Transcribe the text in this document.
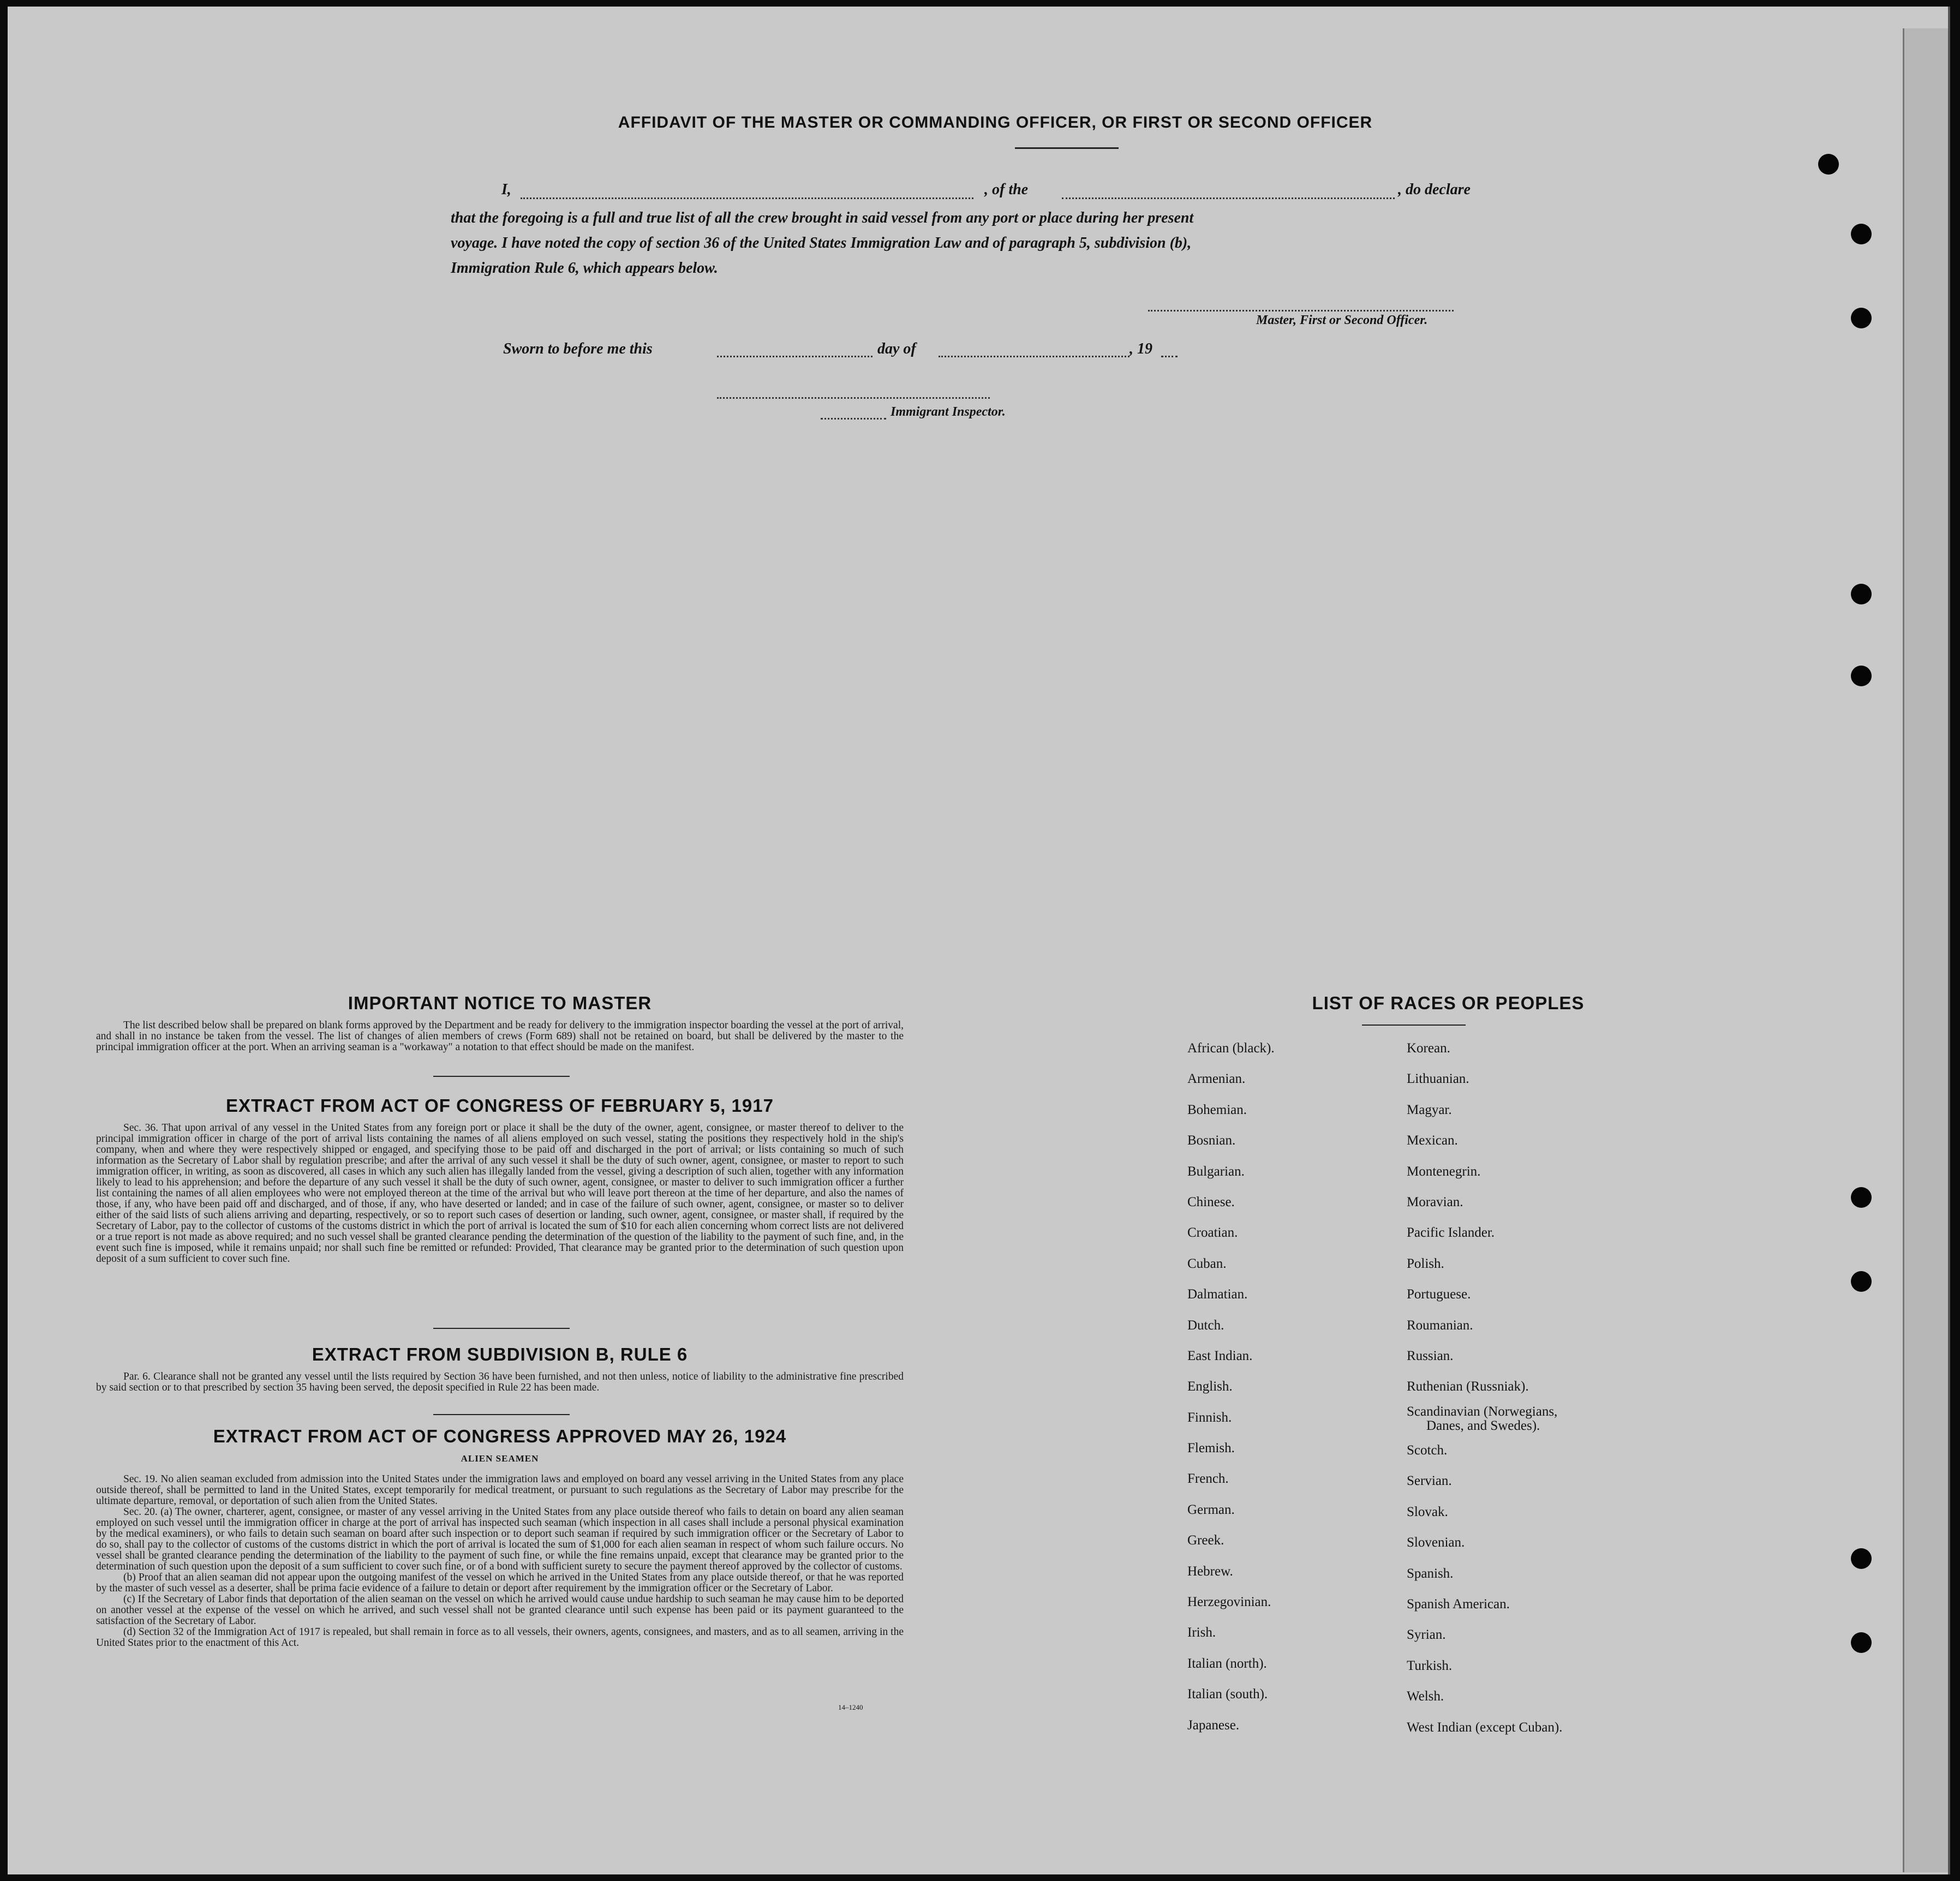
AFFIDAVIT OF THE MASTER OR COMMANDING OFFICER, OR FIRST OR SECOND OFFICER
I,	, of the	, do declare
that the foregoing is a full and true list of all the crew brought in said vessel from any port or place during her present
voyage. I have noted the copy of section 36 of the United States Immigration Law and of paragraph 5, subdivision (b),
Immigration Rule 6, which appears below.
Master, First or Second Officer.
Sworn to before me this	day of	, 19
Immigrant Inspector.
IMPORTANT NOTICE TO MASTER

The list described below shall be prepared on blank forms approved by the Department and be ready for delivery to the immigration inspector boarding the vessel at the port of arrival, and shall in no instance be taken from the vessel. The list of changes of alien members of crews (Form 689) shall not be retained on board, but shall be delivered by the master to the principal immigration officer at the port. When an arriving seaman is a "workaway" a notation to that effect should be made on the manifest.

EXTRACT FROM ACT OF CONGRESS OF FEBRUARY 5, 1917

Sec. 36. That upon arrival of any vessel in the United States from any foreign port or place it shall be the duty of the owner, agent, consignee, or master thereof to deliver to the principal immigration officer in charge of the port of arrival lists containing the names of all aliens employed on such vessel, stating the positions they respectively hold in the ship's company, when and where they were respectively shipped or engaged, and specifying those to be paid off and discharged in the port of arrival; or lists containing so much of such information as the Secretary of Labor shall by regulation prescribe; and after the arrival of any such vessel it shall be the duty of such owner, agent, consignee, or master to report to such immigration officer, in writing, as soon as discovered, all cases in which any such alien has illegally landed from the vessel, giving a description of such alien, together with any information likely to lead to his apprehension; and before the departure of any such vessel it shall be the duty of such owner, agent, consignee, or master to deliver to such immigration officer a further list containing the names of all alien employees who were not employed thereon at the time of the arrival but who will leave port thereon at the time of her departure, and also the names of those, if any, who have been paid off and discharged, and of those, if any, who have deserted or landed; and in case of the failure of such owner, agent, consignee, or master so to deliver either of the said lists of such aliens arriving and departing, respectively, or so to report such cases of desertion or landing, such owner, agent, consignee, or master shall, if required by the Secretary of Labor, pay to the collector of customs of the customs district in which the port of arrival is located the sum of $10 for each alien concerning whom correct lists are not delivered or a true report is not made as above required; and no such vessel shall be granted clearance pending the determination of the question of the liability to the payment of such fine, and, in the event such fine is imposed, while it remains unpaid; nor shall such fine be remitted or refunded: Provided, That clearance may be granted prior to the determination of such question upon deposit of a sum sufficient to cover such fine.

EXTRACT FROM SUBDIVISION B, RULE 6

Par. 6. Clearance shall not be granted any vessel until the lists required by Section 36 have been furnished, and not then unless, notice of liability to the administrative fine prescribed by said section or to that prescribed by section 35 having been served, the deposit specified in Rule 22 has been made.

EXTRACT FROM ACT OF CONGRESS APPROVED MAY 26, 1924
ALIEN SEAMEN

Sec. 19. No alien seaman excluded from admission into the United States under the immigration laws and employed on board any vessel arriving in the United States from any place outside thereof, shall be permitted to land in the United States, except temporarily for medical treatment, or pursuant to such regulations as the Secretary of Labor may prescribe for the ultimate departure, removal, or deportation of such alien from the United States.

Sec. 20. (a) The owner, charterer, agent, consignee, or master of any vessel arriving in the United States from any place outside thereof who fails to detain on board any alien seaman employed on such vessel until the immigration officer in charge at the port of arrival has inspected such seaman (which inspection in all cases shall include a personal physical examination by the medical examiners), or who fails to detain such seaman on board after such inspection or to deport such seaman if required by such immigration officer or the Secretary of Labor to do so, shall pay to the collector of customs of the customs district in which the port of arrival is located the sum of $1,000 for each alien seaman in respect of whom such failure occurs. No vessel shall be granted clearance pending the determination of the liability to the payment of such fine, or while the fine remains unpaid, except that clearance may be granted prior to the determination of such question upon the deposit of a sum sufficient to cover such fine, or of a bond with sufficient surety to secure the payment thereof approved by the collector of customs.

(b) Proof that an alien seaman did not appear upon the outgoing manifest of the vessel on which he arrived in the United States from any place outside thereof, or that he was reported by the master of such vessel as a deserter, shall be prima facie evidence of a failure to detain or deport after requirement by the immigration officer or the Secretary of Labor.

(c) If the Secretary of Labor finds that deportation of the alien seaman on the vessel on which he arrived would cause undue hardship to such seaman he may cause him to be deported on another vessel at the expense of the vessel on which he arrived, and such vessel shall not be granted clearance until such expense has been paid or its payment guaranteed to the satisfaction of the Secretary of Labor.

(d) Section 32 of the Immigration Act of 1917 is repealed, but shall remain in force as to all vessels, their owners, agents, consignees, and masters, and as to all seamen, arriving in the United States prior to the enactment of this Act.

14–1240
LIST OF RACES OR PEOPLES
African (black).
Armenian.
Bohemian.
Bosnian.
Bulgarian.
Chinese.
Croatian.
Cuban.
Dalmatian.
Dutch.
East Indian.
English.
Finnish.
Flemish.
French.
German.
Greek.
Hebrew.
Herzegovinian.
Irish.
Italian (north).
Italian (south).
Japanese.
Korean.
Lithuanian.
Magyar.
Mexican.
Montenegrin.
Moravian.
Pacific Islander.
Polish.
Portuguese.
Roumanian.
Russian.
Ruthenian (Russniak).
Scandinavian (Norwegians,
Danes, and Swedes).
Scotch.
Servian.
Slovak.
Slovenian.
Spanish.
Spanish American.
Syrian.
Turkish.
Welsh.
West Indian (except Cuban).
